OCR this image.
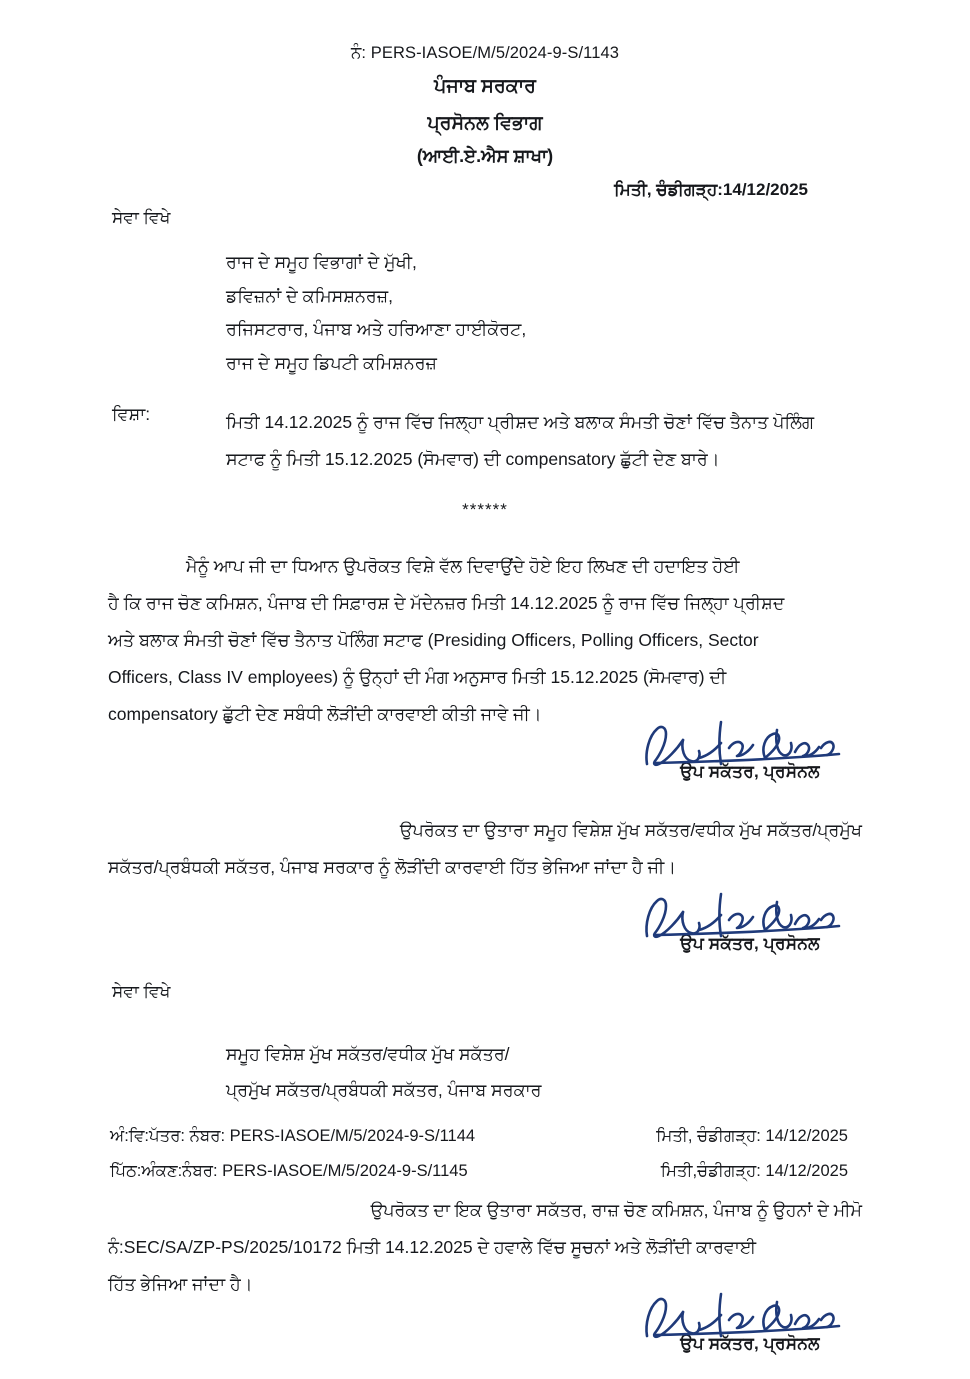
ਨੰ: PERS-IASOE/M/5/2024-9-S/1143
ਪੰਜਾਬ ਸਰਕਾਰ
ਪ੍ਰਸੋਨਲ ਵਿਭਾਗ
(ਆਈ.ਏ.ਐਸ ਸ਼ਾਖਾ)
ਮਿਤੀ, ਚੰਡੀਗੜ੍ਹ:14/12/2025
ਸੇਵਾ ਵਿਖੇ
ਰਾਜ ਦੇ ਸਮੂਹ ਵਿਭਾਗਾਂ ਦੇ ਮੁੱਖੀ,
ਡਵਿਜ਼ਨਾਂ ਦੇ ਕਮਿਸਸ਼ਨਰਜ਼,
ਰਜਿਸਟਰਾਰ, ਪੰਜਾਬ ਅਤੇ ਹਰਿਆਣਾ ਹਾਈਕੋਰਟ,
ਰਾਜ ਦੇ ਸਮੂਹ ਡਿਪਟੀ ਕਮਿਸ਼ਨਰਜ਼
ਵਿਸ਼ਾ:	ਮਿਤੀ 14.12.2025 ਨੂੰ ਰਾਜ ਵਿੱਚ ਜਿਲ੍ਹਾ ਪ੍ਰੀਸ਼ਦ ਅਤੇ ਬਲਾਕ ਸੰਮਤੀ ਚੋਣਾਂ ਵਿੱਚ ਤੈਨਾਤ ਪੋਲਿੰਗ
ਸਟਾਫ ਨੂੰ ਮਿਤੀ 15.12.2025 (ਸੋਮਵਾਰ) ਦੀ compensatory ਛੁੱਟੀ ਦੇਣ ਬਾਰੇ।
******
ਮੈਨੂੰ ਆਪ ਜੀ ਦਾ ਧਿਆਨ ਉਪਰੋਕਤ ਵਿਸ਼ੇ ਵੱਲ ਦਿਵਾਉਂਦੇ ਹੋਏ ਇਹ ਲਿਖਣ ਦੀ ਹਦਾਇਤ ਹੋਈ
ਹੈ ਕਿ ਰਾਜ ਚੋਣ ਕਮਿਸ਼ਨ, ਪੰਜਾਬ ਦੀ ਸਿਫ਼ਾਰਸ਼ ਦੇ ਮੱਦੇਨਜ਼ਰ ਮਿਤੀ 14.12.2025 ਨੂੰ ਰਾਜ ਵਿੱਚ ਜਿਲ੍ਹਾ ਪ੍ਰੀਸ਼ਦ
ਅਤੇ ਬਲਾਕ ਸੰਮਤੀ ਚੋਣਾਂ ਵਿੱਚ ਤੈਨਾਤ ਪੋਲਿੰਗ ਸਟਾਫ (Presiding Officers, Polling Officers, Sector
Officers, Class IV employees) ਨੂੰ ਉਨ੍ਹਾਂ ਦੀ ਮੰਗ ਅਨੁਸਾਰ ਮਿਤੀ 15.12.2025 (ਸੋਮਵਾਰ) ਦੀ
compensatory ਛੁੱਟੀ ਦੇਣ ਸਬੰਧੀ ਲੋੜੀਂਦੀ ਕਾਰਵਾਈ ਕੀਤੀ ਜਾਵੇ ਜੀ।
ਉਪ ਸਕੱਤਰ, ਪ੍ਰਸੋਨਲ
ਉਪਰੋਕਤ ਦਾ ਉਤਾਰਾ ਸਮੂਹ ਵਿਸ਼ੇਸ਼ ਮੁੱਖ ਸਕੱਤਰ/ਵਧੀਕ ਮੁੱਖ ਸਕੱਤਰ/ਪ੍ਰਮੁੱਖ
ਸਕੱਤਰ/ਪ੍ਰਬੰਧਕੀ ਸਕੱਤਰ, ਪੰਜਾਬ ਸਰਕਾਰ ਨੂੰ ਲੋੜੀਂਦੀ ਕਾਰਵਾਈ ਹਿੱਤ ਭੇਜਿਆ ਜਾਂਦਾ ਹੈ ਜੀ।
ਉਪ ਸਕੱਤਰ, ਪ੍ਰਸੋਨਲ
ਸੇਵਾ ਵਿਖੇ
ਸਮੂਹ ਵਿਸ਼ੇਸ਼ ਮੁੱਖ ਸਕੱਤਰ/ਵਧੀਕ ਮੁੱਖ ਸਕੱਤਰ/
ਪ੍ਰਮੁੱਖ ਸਕੱਤਰ/ਪ੍ਰਬੰਧਕੀ ਸਕੱਤਰ, ਪੰਜਾਬ ਸਰਕਾਰ
ਅੰ:ਵਿ:ਪੱਤਰ: ਨੰਬਰ: PERS-IASOE/M/5/2024-9-S/1144	ਮਿਤੀ, ਚੰਡੀਗੜ੍ਹ: 14/12/2025
ਪਿੱਠ:ਅੰਕਣ:ਨੰਬਰ: PERS-IASOE/M/5/2024-9-S/1145	ਮਿਤੀ,ਚੰਡੀਗੜ੍ਹ: 14/12/2025
ਉਪਰੋਕਤ ਦਾ ਇਕ ਉਤਾਰਾ ਸਕੱਤਰ, ਰਾਜ਼ ਚੋਣ ਕਮਿਸ਼ਨ, ਪੰਜਾਬ ਨੂੰ ਉਹਨਾਂ ਦੇ ਮੀਮੋ
ਨੰ:SEC/SA/ZP-PS/2025/10172 ਮਿਤੀ 14.12.2025 ਦੇ ਹਵਾਲੇ ਵਿੱਚ ਸੂਚਨਾਂ ਅਤੇ ਲੋੜੀਂਦੀ ਕਾਰਵਾਈ
ਹਿੱਤ ਭੇਜਿਆ ਜਾਂਦਾ ਹੈ।
ਉਪ ਸਕੱਤਰ, ਪ੍ਰਸੋਨਲ
